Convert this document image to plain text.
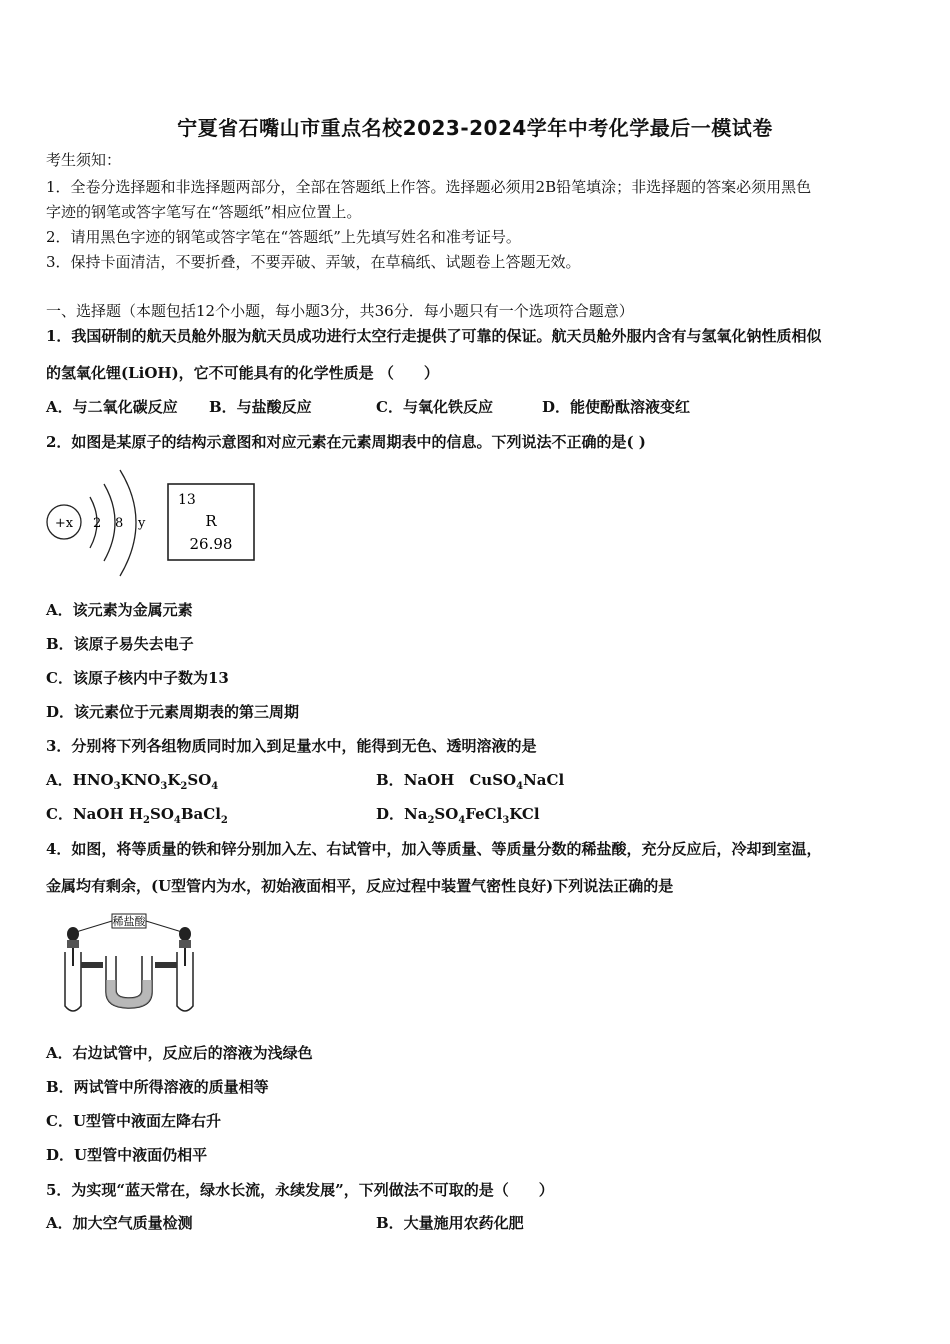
宁夏省石嘴山市重点名校2023-2024学年中考化学最后一模试卷
考生须知：
1．全卷分选择题和非选择题两部分，全部在答题纸上作答。选择题必须用2B铅笔填涂；非选择题的答案必须用黑色
字迹的钢笔或答字笔写在“答题纸”相应位置上。
2．请用黑色字迹的钢笔或答字笔在“答题纸”上先填写姓名和准考证号。
3．保持卡面清洁，不要折叠，不要弄破、弄皱，在草稿纸、试题卷上答题无效。
一、选择题（本题包括12个小题，每小题3分，共36分．每小题只有一个选项符合题意）
1．我国研制的航天员舱外服为航天员成功进行太空行走提供了可靠的保证。航天员舱外服内含有与氢氧化钠性质相似
的氢氧化锂(LiOH)，它不可能具有的化学性质是 （　　）
A．与二氧化碳反应 B．与盐酸反应	C．与氧化铁反应	D．能使酚酞溶液变红
2．如图是某原子的结构示意图和对应元素在元素周期表中的信息。下列说法不正确的是( )
+x 2 8 y
13
R
26.98
A．该元素为金属元素
B．该原子易失去电子
C．该原子核内中子数为13
D．该元素位于元素周期表的第三周期
3．分别将下列各组物质同时加入到足量水中，能得到无色、透明溶液的是
A．$HNO_3KNO_3K_2SO_4$	B．NaOH　CuSO$_4$NaCl
C．NaOH $H_2SO_4BaCl_2$	D．$Na_2SO_4FeCl_3KCl$
4．如图，将等质量的铁和锌分别加入左、右试管中，加入等质量、等质量分数的稀盐酸，充分反应后，冷却到室温，
金属均有剩余，(U型管内为水，初始液面相平，反应过程中装置气密性良好)下列说法正确的是
稀盐酸
A．右边试管中，反应后的溶液为浅绿色
B．两试管中所得溶液的质量相等
C．U型管中液面左降右升
D．U型管中液面仍相平
5．为实现“蓝天常在，绿水长流，永续发展”，下列做法不可取的是（　　）
A．加大空气质量检测	B．大量施用农药化肥
